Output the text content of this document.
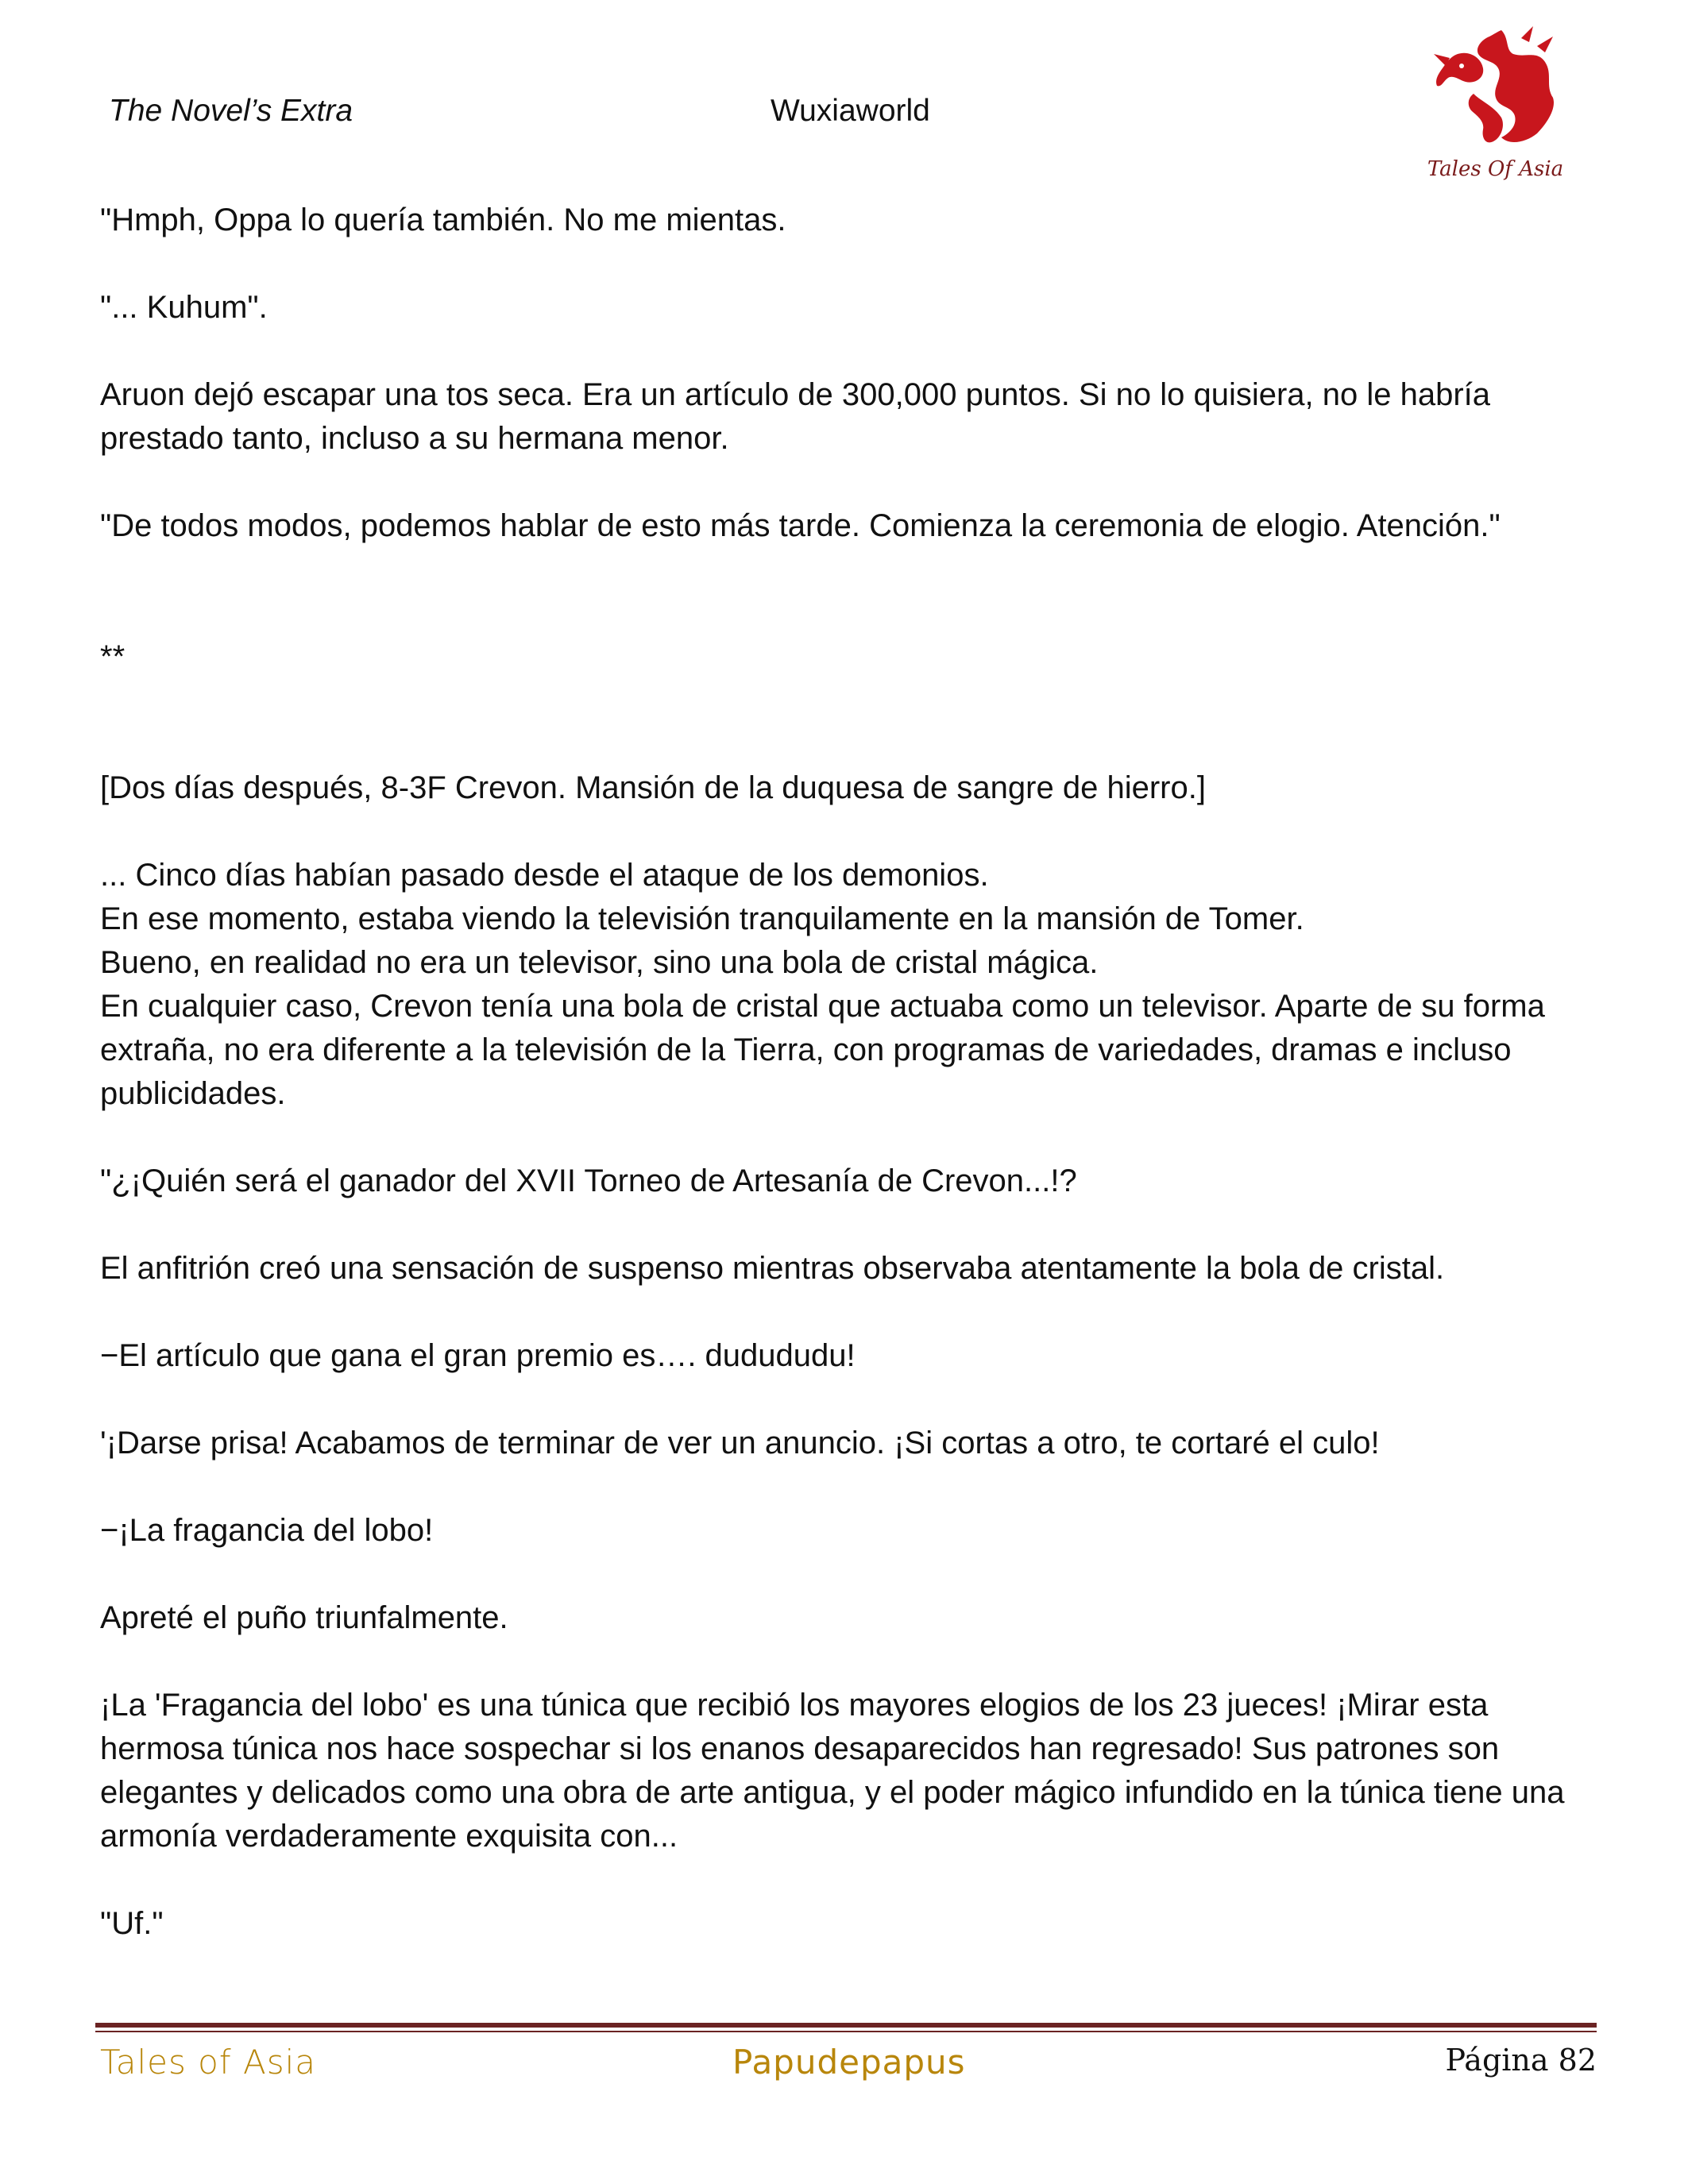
The Novel’s Extra	Wuxiaworld
Tales Of Asia

"Hmph, Oppa lo quería también. No me mientas.

"... Kuhum".

Aruon dejó escapar una tos seca. Era un artículo de 300,000 puntos. Si no lo quisiera, no le habría prestado tanto, incluso a su hermana menor.

"De todos modos, podemos hablar de esto más tarde. Comienza la ceremonia de elogio. Atención."

**

[Dos días después, 8-3F Crevon. Mansión de la duquesa de sangre de hierro.]

... Cinco días habían pasado desde el ataque de los demonios.

En ese momento, estaba viendo la televisión tranquilamente en la mansión de Tomer.

Bueno, en realidad no era un televisor, sino una bola de cristal mágica.

En cualquier caso, Crevon tenía una bola de cristal que actuaba como un televisor. Aparte de su forma extraña, no era diferente a la televisión de la Tierra, con programas de variedades, dramas e incluso publicidades.

"¿¡Quién será el ganador del XVII Torneo de Artesanía de Crevon...!?

El anfitrión creó una sensación de suspenso mientras observaba atentamente la bola de cristal.

−El artículo que gana el gran premio es…. dudududu!

'¡Darse prisa! Acabamos de terminar de ver un anuncio. ¡Si cortas a otro, te cortaré el culo!

−¡La fragancia del lobo!

Apreté el puño triunfalmente.

¡La 'Fragancia del lobo' es una túnica que recibió los mayores elogios de los 23 jueces! ¡Mirar esta hermosa túnica nos hace sospechar si los enanos desaparecidos han regresado! Sus patrones son elegantes y delicados como una obra de arte antigua, y el poder mágico infundido en la túnica tiene una armonía verdaderamente exquisita con...

"Uf."

Tales of Asia	Papudepapus	Página 82
